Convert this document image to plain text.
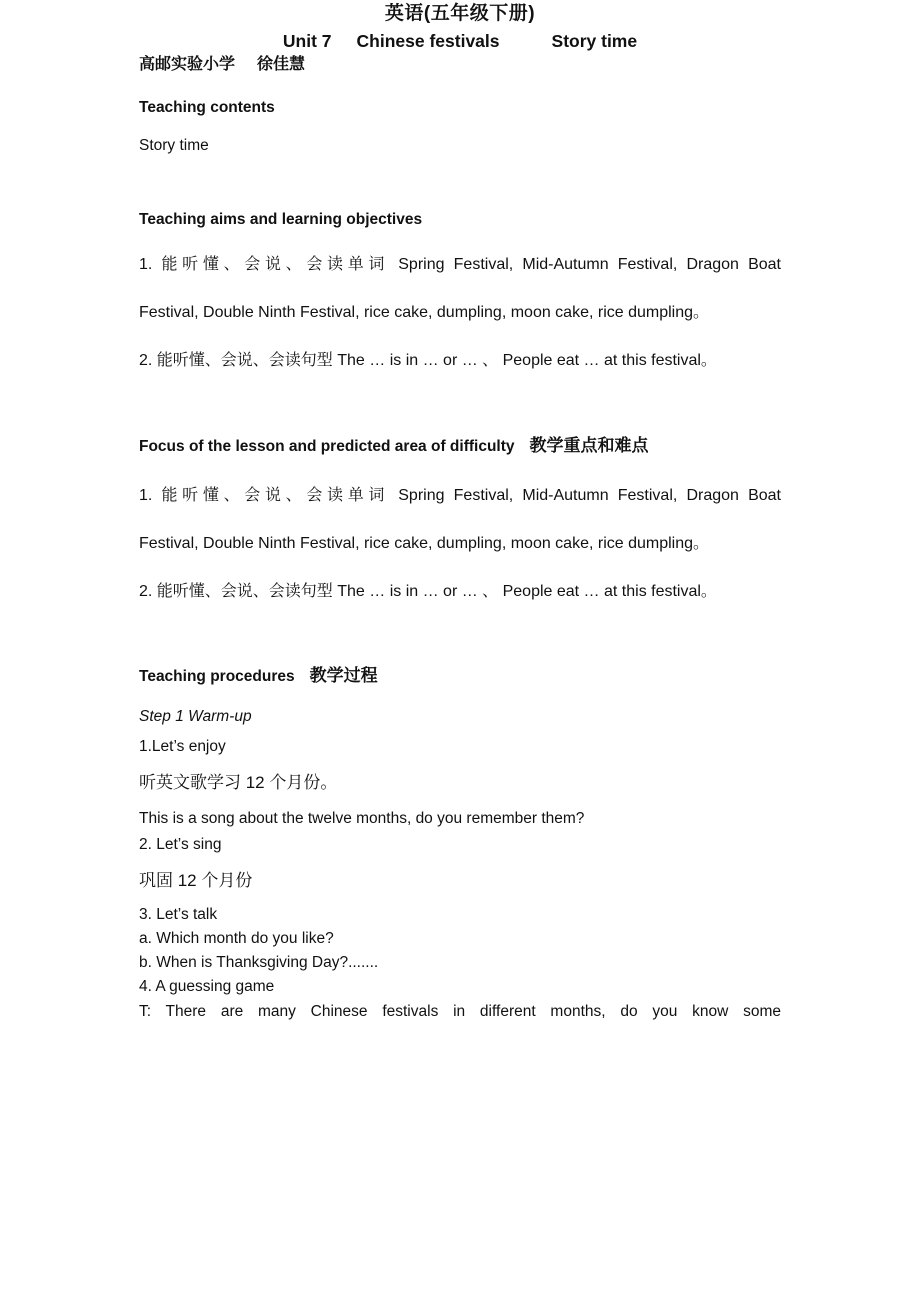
英语(五年级下册)
Unit 7 Chinese festivals	Story time
高邮实验小学 徐佳慧

Teaching contents

Story time

Teaching aims and learning objectives

1. 能听懂、会说、会读单词 Spring Festival, Mid-Autumn Festival, Dragon Boat

Festival, Double Ninth Festival, rice cake, dumpling, moon cake, rice dumpling。

2. 能听懂、会说、会读句型 The … is in … or … 、 People eat … at this festival。

Focus of the lesson and predicted area of difficulty 教学重点和难点

1. 能听懂、会说、会读单词 Spring Festival, Mid-Autumn Festival, Dragon Boat

Festival, Double Ninth Festival, rice cake, dumpling, moon cake, rice dumpling。

2. 能听懂、会说、会读句型 The … is in … or … 、 People eat … at this festival。

Teaching procedures 教学过程

Step 1 Warm-up

1.Let’s enjoy

听英文歌学习 12 个月份。

This is a song about the twelve months, do you remember them?

2. Let’s sing

巩固 12 个月份

3. Let’s talk

a. Which month do you like?

b. When is Thanksgiving Day?.......

4. A guessing game

T: There are many Chinese festivals in different months, do you know some
